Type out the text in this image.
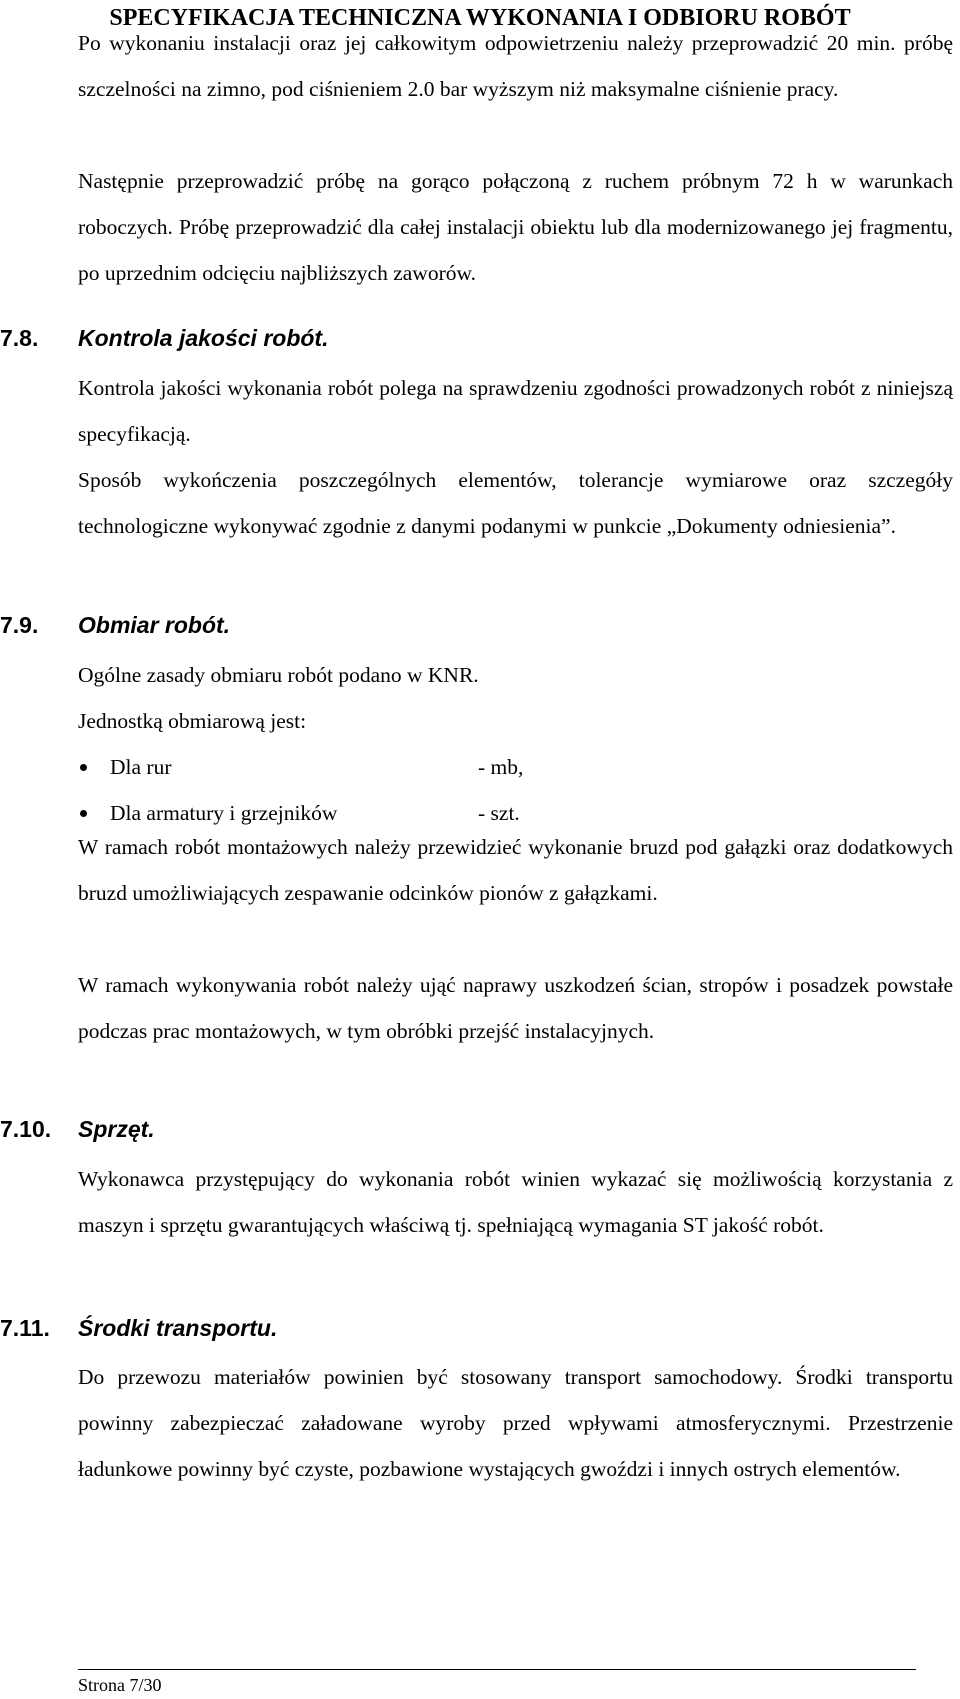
SPECYFIKACJA TECHNICZNA WYKONANIA I ODBIORU ROBÓT

Po wykonaniu instalacji oraz jej całkowitym odpowietrzeniu należy przeprowadzić 20 min. próbę szczelności na zimno, pod ciśnieniem 2.0 bar wyższym niż maksymalne ciśnienie pracy.

Następnie przeprowadzić próbę na gorąco połączoną z ruchem próbnym 72 h w warunkach roboczych. Próbę przeprowadzić dla całej instalacji obiektu lub dla modernizowanego jej fragmentu, po uprzednim odcięciu najbliższych zaworów.

7.8. Kontrola jakości robót.

Kontrola jakości wykonania robót polega na sprawdzeniu zgodności prowadzonych robót z niniejszą specyfikacją.

Sposób wykończenia poszczególnych elementów, tolerancje wymiarowe oraz szczegóły technologiczne wykonywać zgodnie z danymi podanymi w punkcie „Dokumenty odniesienia”.

7.9. Obmiar robót.

Ogólne zasady obmiaru robót podano w KNR.

Jednostką obmiarową jest:

Dla rur	- mb,
Dla armatury i grzejników	- szt.

W ramach robót montażowych należy przewidzieć wykonanie bruzd pod gałązki oraz dodatkowych bruzd umożliwiających zespawanie odcinków pionów z gałązkami.

W ramach wykonywania robót należy ująć naprawy uszkodzeń ścian, stropów i posadzek powstałe podczas prac montażowych, w tym obróbki przejść instalacyjnych.

7.10. Sprzęt.

Wykonawca przystępujący do wykonania robót winien wykazać się możliwością korzystania z maszyn i sprzętu gwarantujących właściwą tj. spełniającą wymagania ST jakość robót.

7.11. Środki transportu.

Do przewozu materiałów powinien być stosowany transport samochodowy. Środki transportu powinny zabezpieczać załadowane wyroby przed wpływami atmosferycznymi. Przestrzenie ładunkowe powinny być czyste, pozbawione wystających gwoździ i innych ostrych elementów.

Strona 7/30
